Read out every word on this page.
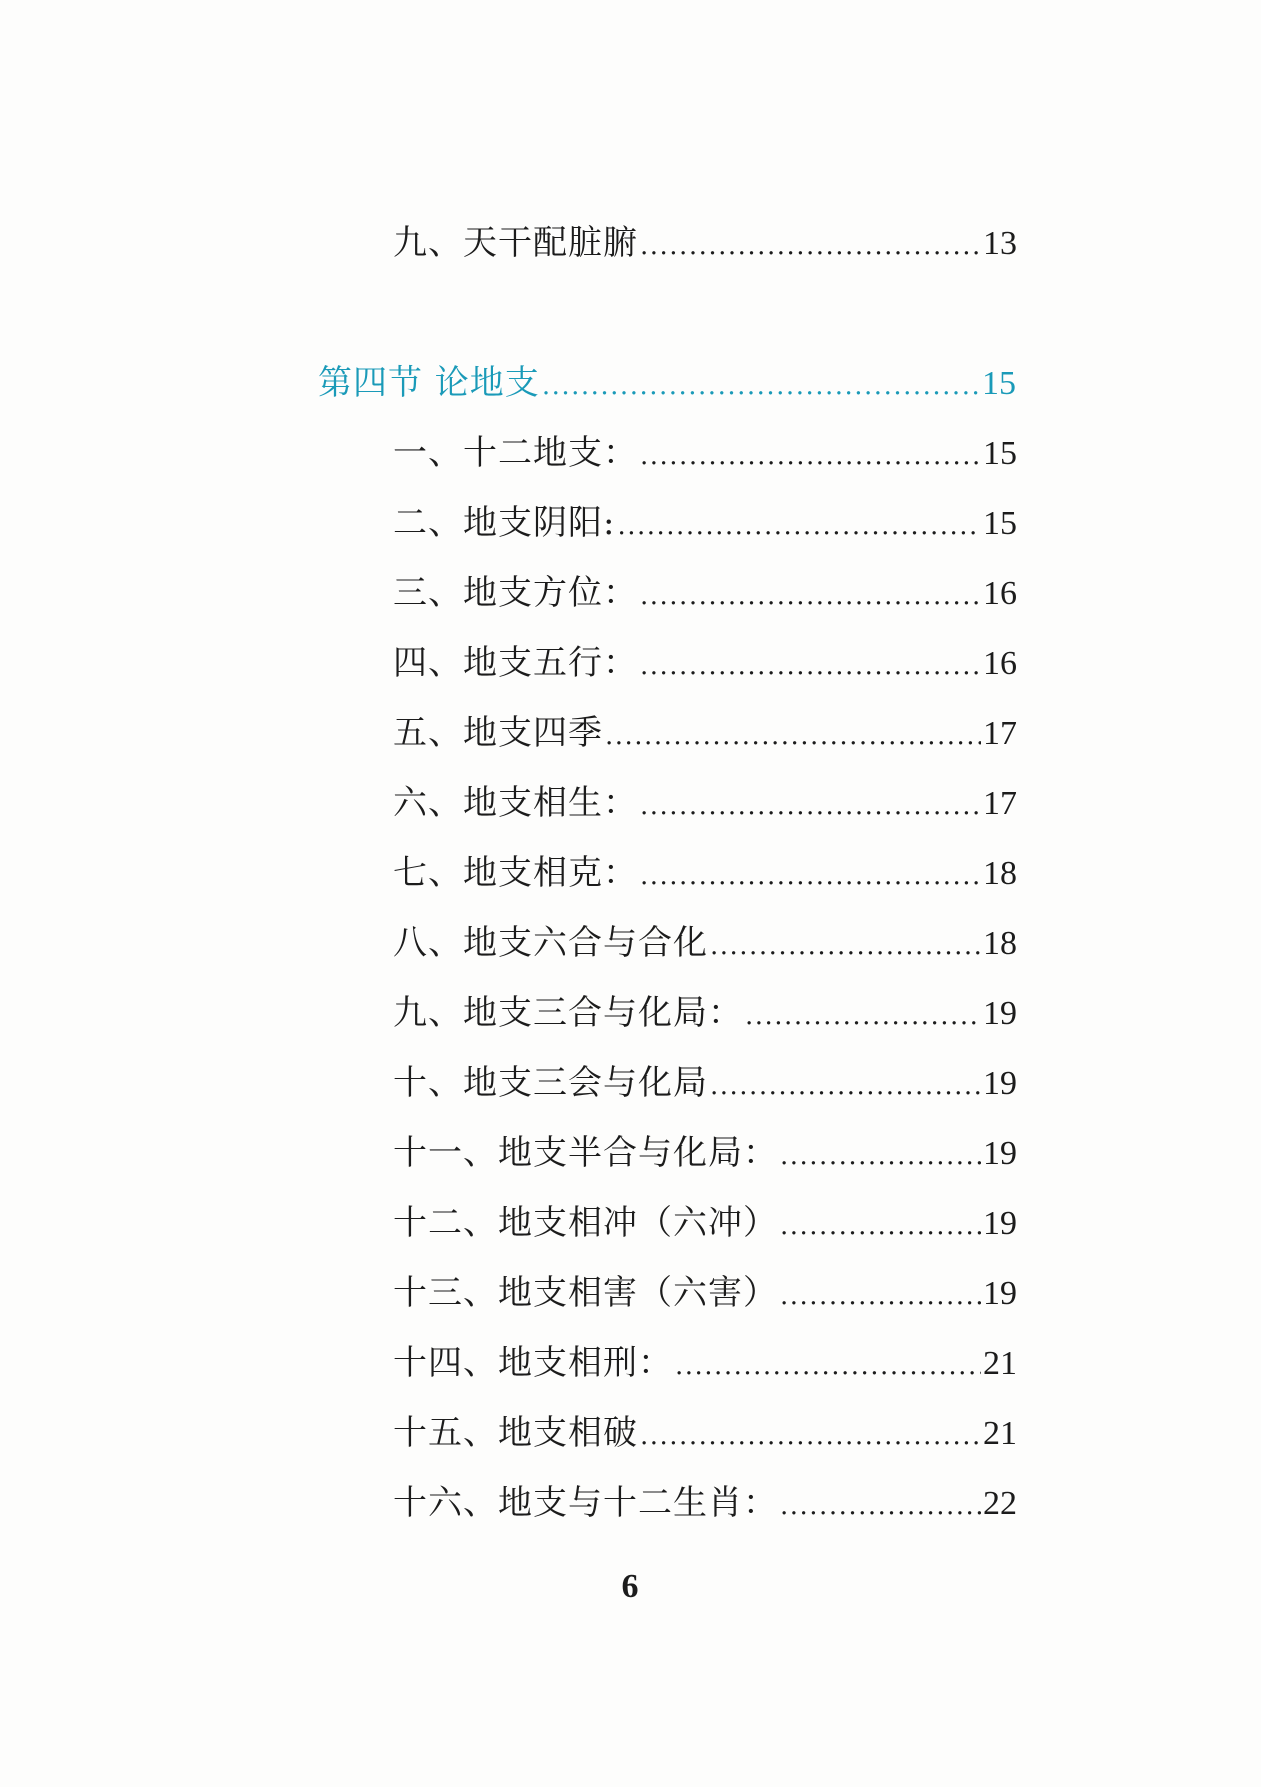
九、天干配脏腑 .....	13
第四节 论地支 .....	15
一、十二地支： .....	15
二、地支阴阳: .....	15
三、地支方位： .....	16
四、地支五行： .....	16
五、地支四季 .....	17
六、地支相生： .....	17
七、地支相克： .....	18
八、地支六合与合化 .....	18
九、地支三合与化局： .....	19
十、地支三会与化局 .....	19
十一、地支半合与化局： .....	19
十二、地支相冲（六冲） .....	19
十三、地支相害（六害） .....	19
十四、地支相刑： .....	21
十五、地支相破 .....	21
十六、地支与十二生肖： .....	22
6
